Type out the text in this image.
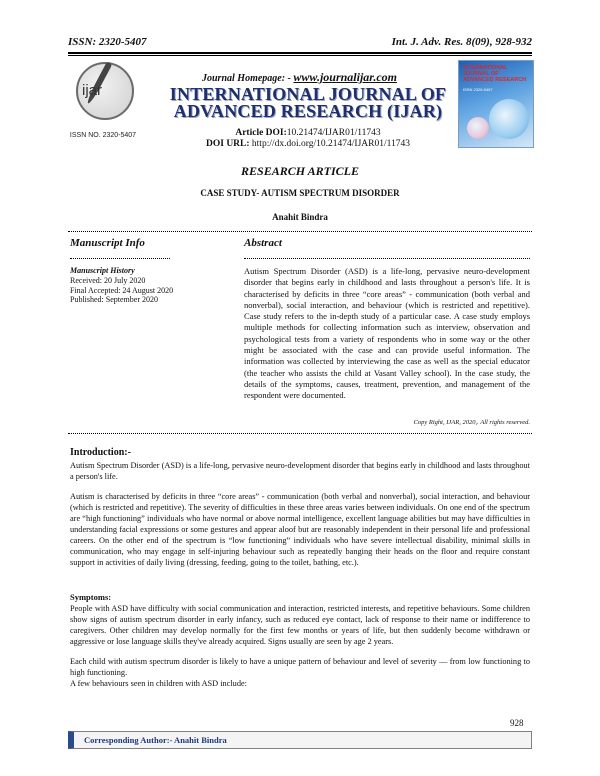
ISSN: 2320-5407	Int. J. Adv. Res. 8(09), 928-932
ijar
ISSN NO. 2320-5407
Journal Homepage: - www.journalijar.com
INTERNATIONAL JOURNAL OF ADVANCED RESEARCH (IJAR)
Article DOI:10.21474/IJAR01/11743
DOI URL: http://dx.doi.org/10.21474/IJAR01/11743
INTERNATIONAL JOURNAL OF ADVANCED RESEARCH
ISSN 2320-5407
RESEARCH ARTICLE
CASE STUDY- AUTISM SPECTRUM DISORDER
Anahit Bindra
Manuscript Info	Abstract
Manuscript History
Received: 20 July 2020
Final Accepted: 24 August 2020
Published: September 2020
Autism Spectrum Disorder (ASD) is a life-long, pervasive neuro-development disorder that begins early in childhood and lasts throughout a person's life. It is characterised by deficits in three “core areas” - communication (both verbal and nonverbal), social interaction, and behaviour (which is restricted and repetitive). Case study refers to the in-depth study of a particular case. A case study employs multiple methods for collecting information such as interview, observation and psychological tests from a variety of respondents who in some way or the other might be associated with the case and can provide useful information. The information was collected by interviewing the case as well as the special educator (the teacher who assists the child at Vasant Valley school). In the case study, the details of the symptoms, causes, treatment, prevention, and management of the respondent were documented.
Copy Right, IJAR, 2020,. All rights reserved.
Introduction:-

Autism Spectrum Disorder (ASD) is a life-long, pervasive neuro-development disorder that begins early in childhood and lasts throughout a person's life.

Autism is characterised by deficits in three “core areas” - communication (both verbal and nonverbal), social interaction, and behaviour (which is restricted and repetitive). The severity of difficulties in these three areas varies between individuals. On one end of the spectrum are “high functioning” individuals who have normal or above normal intelligence, excellent language abilities but may have difficulties in understanding facial expressions or some gestures and appear aloof but are reasonably independent in their personal life and professional careers. On the other end of the spectrum is “low functioning” individuals who have severe intellectual disability, minimal skills in communication, who may engage in self-injuring behaviour such as repeatedly banging their heads on the floor and require constant support in activities of daily living (dressing, feeding, going to the toilet, bathing, etc.).

Symptoms:

People with ASD have difficulty with social communication and interaction, restricted interests, and repetitive behaviours. Some children show signs of autism spectrum disorder in early infancy, such as reduced eye contact, lack of response to their name or indifference to caregivers. Other children may develop normally for the first few months or years of life, but then suddenly become withdrawn or aggressive or lose language skills they've already acquired. Signs usually are seen by age 2 years.

Each child with autism spectrum disorder is likely to have a unique pattern of behaviour and level of severity — from low functioning to high functioning.

A few behaviours seen in children with ASD include:

928
Corresponding Author:- Anahit Bindra
